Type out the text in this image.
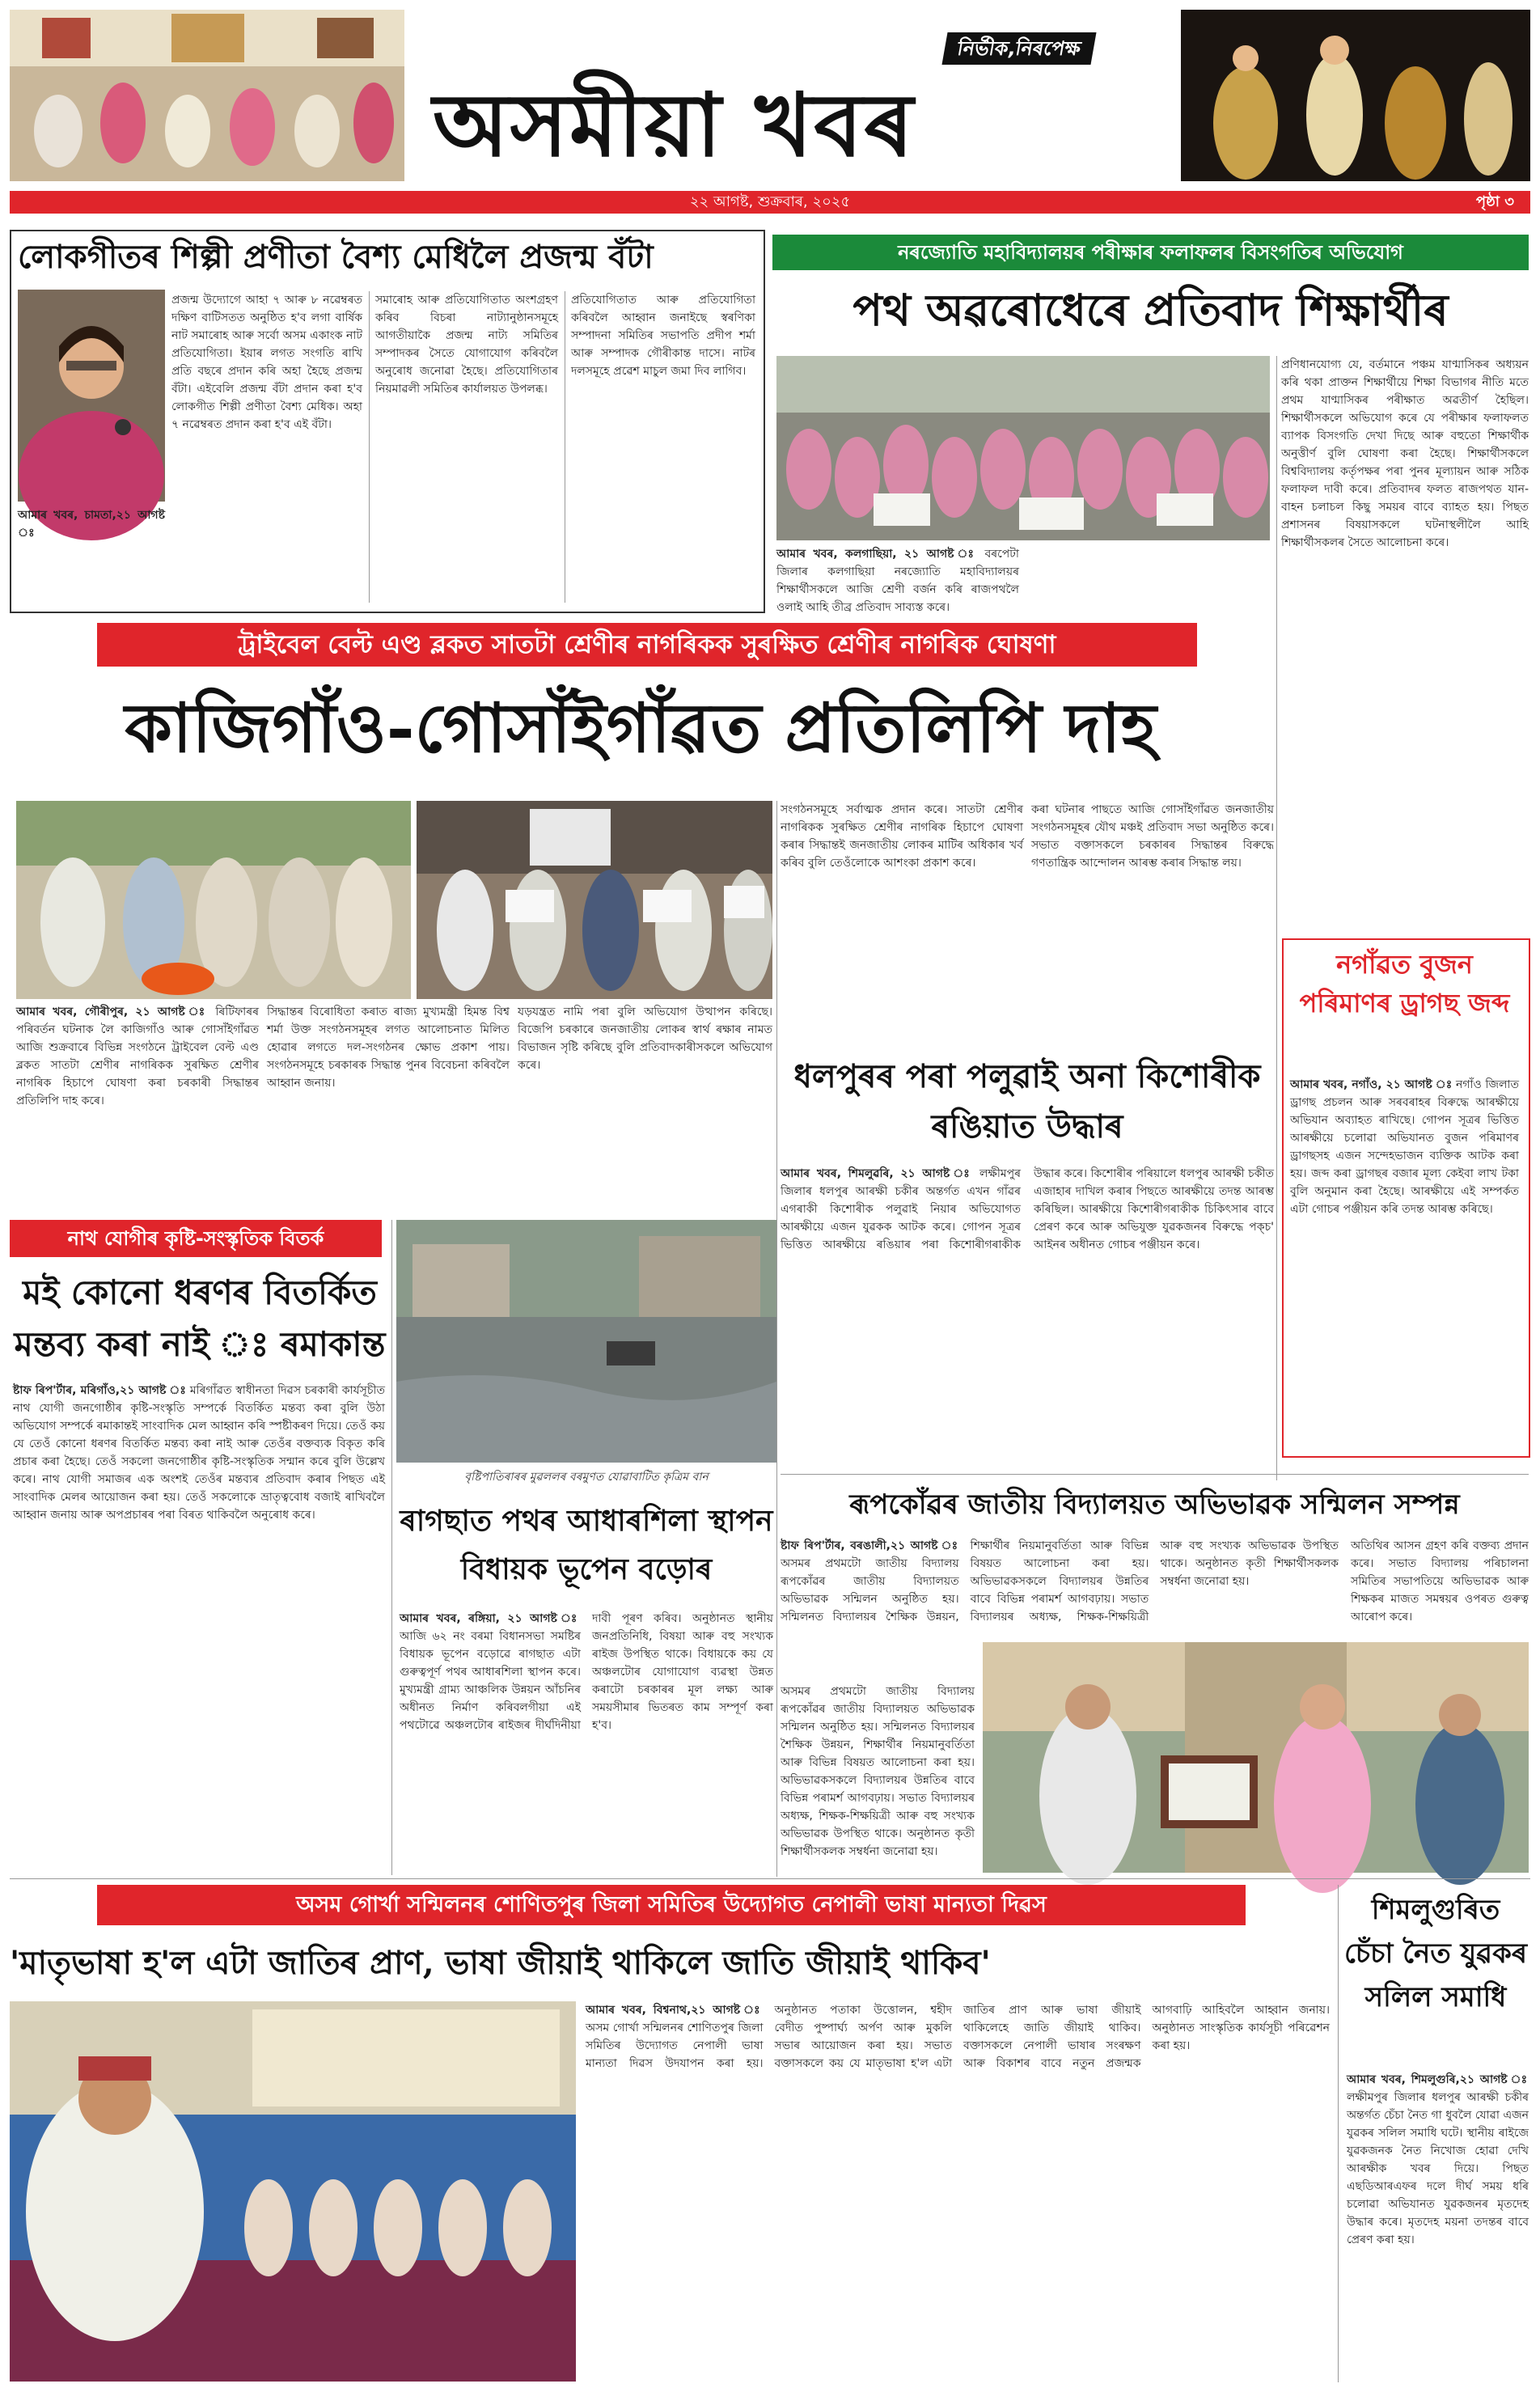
নিৰ্ভীক,নিৰপেক্ষ
অসমীয়া খবৰ
২২ আগষ্ট, শুক্ৰবাৰ, ২০২৫	পৃষ্ঠা ৩
লোকগীতৰ শিল্পী প্ৰণীতা বৈশ্য মেধিলৈ প্ৰজন্ম বঁটা
প্ৰজন্ম উদ্যোগে আহা ৭ আৰু ৮ নৱেম্বৰত দক্ষিণ বাটিসতত অনুষ্ঠিত হ'ব লগা বাৰ্ষিক নাট সমাৰোহ আৰু সৰ্বো অসম একাংক নাট প্ৰতিযোগিতা। ইয়াৰ লগত সংগতি ৰাখি প্ৰতি বছৰে প্ৰদান কৰি অহা হৈছে প্ৰজন্ম বঁটা। এইবেলি প্ৰজন্ম বঁটা প্ৰদান কৰা হ'ব লোকগীত শিল্পী প্ৰণীতা বৈশ্য মেধিক। অহা ৭ নৱেম্বৰত প্ৰদান কৰা হ'ব এই বঁটা।
আমাৰ খবৰ, চামতা,২১ আগষ্ট ঃ
সমাৰোহ আৰু প্ৰতিযোগিতাত অংশগ্ৰহণ কৰিব বিচৰা নাট্যানুষ্ঠানসমূহে আগতীয়াকৈ প্ৰজন্ম নাট্য সমিতিৰ সম্পাদকৰ সৈতে যোগাযোগ কৰিবলৈ অনুৰোধ জনোৱা হৈছে। প্ৰতিযোগিতাৰ নিয়মাৱলী সমিতিৰ কাৰ্যালয়ত উপলব্ধ।
প্ৰতিযোগিতাত আৰু প্ৰতিযোগিতা কৰিবলৈ আহ্বান জনাইছে স্বৰণিকা সম্পাদনা সমিতিৰ সভাপতি প্ৰদীপ শৰ্মা আৰু সম্পাদক গৌৰীকান্ত দাসে। নাটৰ দলসমূহে প্ৰৱেশ মাচুল জমা দিব লাগিব।
নৰজ্যোতি মহাবিদ্যালয়ৰ পৰীক্ষাৰ ফলাফলৰ বিসংগতিৰ অভিযোগ
পথ অৱৰোধেৰে প্ৰতিবাদ শিক্ষাৰ্থীৰ
আমাৰ খবৰ, কলগাছিয়া, ২১ আগষ্ট ঃ বৰপেটা জিলাৰ কলগাছিয়া নৰজ্যোতি মহাবিদ্যালয়ৰ শিক্ষাৰ্থীসকলে আজি শ্ৰেণী বৰ্জন কৰি ৰাজপথলৈ ওলাই আহি তীব্ৰ প্ৰতিবাদ সাব্যস্ত কৰে।
প্ৰণিধানযোগ্য যে, বৰ্তমানে পঞ্চম যাণ্মাসিকৰ অধ্যয়ন কৰি থকা প্ৰাক্তন শিক্ষাৰ্থীয়ে শিক্ষা বিভাগৰ নীতি মতে প্ৰথম যাণ্মাসিকৰ পৰীক্ষাত অৱতীৰ্ণ হৈছিল। শিক্ষাৰ্থীসকলে অভিযোগ কৰে যে পৰীক্ষাৰ ফলাফলত ব্যাপক বিসংগতি দেখা দিছে আৰু বহুতো শিক্ষাৰ্থীক অনুত্তীৰ্ণ বুলি ঘোষণা কৰা হৈছে। শিক্ষাৰ্থীসকলে বিশ্ববিদ্যালয় কৰ্তৃপক্ষৰ পৰা পুনৰ মূল্যায়ন আৰু সঠিক ফলাফল দাবী কৰে। প্ৰতিবাদৰ ফলত ৰাজপথত যান-বাহন চলাচল কিছু সময়ৰ বাবে ব্যাহত হয়। পিছত প্ৰশাসনৰ বিষয়াসকলে ঘটনাস্থলীলৈ আহি শিক্ষাৰ্থীসকলৰ সৈতে আলোচনা কৰে।
ট্ৰাইবেল বেল্ট এণ্ড ব্লকত সাতটা শ্ৰেণীৰ নাগৰিকক সুৰক্ষিত শ্ৰেণীৰ নাগৰিক ঘোষণা
কাজিগাঁও-গোসাঁইগাঁৱত প্ৰতিলিপি দাহ
আমাৰ খবৰ, গৌৰীপুৰ, ২১ আগষ্ট ঃ ৰিটিফাৰৰ পৰিবৰ্তন ঘটনাক লৈ কাজিগাঁও আৰু গোসাঁইগাঁৱত আজি শুক্ৰবাৰে বিভিন্ন সংগঠনে ট্ৰাইবেল বেল্ট এণ্ড ব্লকত সাতটা শ্ৰেণীৰ নাগৰিকক সুৰক্ষিত শ্ৰেণীৰ নাগৰিক হিচাপে ঘোষণা কৰা চৰকাৰী সিদ্ধান্তৰ প্ৰতিলিপি দাহ কৰে।
সিদ্ধান্তৰ বিৰোধিতা কৰাত ৰাজ্য মুখ্যমন্ত্ৰী হিমন্ত বিশ্ব শৰ্মা উক্ত সংগঠনসমূহৰ লগত আলোচনাত মিলিত হোৱাৰ লগতে দল-সংগঠনৰ ক্ষোভ প্ৰকাশ পায়। সংগঠনসমূহে চৰকাৰক সিদ্ধান্ত পুনৰ বিবেচনা কৰিবলৈ আহ্বান জনায়।
যড়যন্ত্ৰত নামি পৰা বুলি অভিযোগ উত্থাপন কৰিছে। বিজেপি চৰকাৰে জনজাতীয় লোকৰ স্বাৰ্থ ৰক্ষাৰ নামত বিভাজন সৃষ্টি কৰিছে বুলি প্ৰতিবাদকাৰীসকলে অভিযোগ কৰে।
সংগঠনসমূহে সৰ্বাত্মক প্ৰদান কৰে। সাতটা শ্ৰেণীৰ নাগৰিকক সুৰক্ষিত শ্ৰেণীৰ নাগৰিক হিচাপে ঘোষণা কৰাৰ সিদ্ধান্তই জনজাতীয় লোকৰ মাটিৰ অধিকাৰ খৰ্ব কৰিব বুলি তেওঁলোকে আশংকা প্ৰকাশ কৰে।
কৰা ঘটনাৰ পাছতে আজি গোসাঁইগাঁৱত জনজাতীয় সংগঠনসমূহৰ যৌথ মঞ্চই প্ৰতিবাদ সভা অনুষ্ঠিত কৰে। সভাত বক্তাসকলে চৰকাৰৰ সিদ্ধান্তৰ বিৰুদ্ধে গণতান্ত্ৰিক আন্দোলন আৰম্ভ কৰাৰ সিদ্ধান্ত লয়।
নগাঁৱত বুজন পৰিমাণৰ ড্ৰাগছ জব্দ
আমাৰ খবৰ, নগাঁও, ২১ আগষ্ট ঃ নগাঁও জিলাত ড্ৰাগছ প্ৰচলন আৰু সৰবৰাহৰ বিৰুদ্ধে আৰক্ষীয়ে অভিযান অব্যাহত ৰাখিছে। গোপন সূত্ৰৰ ভিত্তিত আৰক্ষীয়ে চলোৱা অভিযানত বুজন পৰিমাণৰ ড্ৰাগছসহ এজন সন্দেহভাজন ব্যক্তিক আটক কৰা হয়। জব্দ কৰা ড্ৰাগছৰ বজাৰ মূল্য কেইবা লাখ টকা বুলি অনুমান কৰা হৈছে। আৰক্ষীয়ে এই সম্পৰ্কত এটা গোচৰ পঞ্জীয়ন কৰি তদন্ত আৰম্ভ কৰিছে।
ধলপুৰৰ পৰা পলুৱাই অনা কিশোৰীক ৰঙিয়াত উদ্ধাৰ
আমাৰ খবৰ, শিমলুৱৰি, ২১ আগষ্ট ঃ লক্ষীমপুৰ জিলাৰ ধলপুৰ আৰক্ষী চকীৰ অন্তৰ্গত এখন গাঁৱৰ এগৰাকী কিশোৰীক পলুৱাই নিয়াৰ অভিযোগত আৰক্ষীয়ে এজন যুৱকক আটক কৰে। গোপন সূত্ৰৰ ভিত্তিত আৰক্ষীয়ে ৰঙিয়াৰ পৰা কিশোৰীগৰাকীক উদ্ধাৰ কৰে। কিশোৰীৰ পৰিয়ালে ধলপুৰ আৰক্ষী চকীত এজাহাৰ দাখিল কৰাৰ পিছতে আৰক্ষীয়ে তদন্ত আৰম্ভ কৰিছিল। আৰক্ষীয়ে কিশোৰীগৰাকীক চিকিৎসাৰ বাবে প্ৰেৰণ কৰে আৰু অভিযুক্ত যুৱকজনৰ বিৰুদ্ধে পক্‌চ' আইনৰ অধীনত গোচৰ পঞ্জীয়ন কৰে।
নাথ যোগীৰ কৃষ্টি-সংস্কৃতিক বিতৰ্ক
মই কোনো ধৰণৰ বিতৰ্কিত মন্তব্য কৰা নাই ঃ ৰমাকান্ত
ষ্টাফ ৰিপ'ৰ্টাৰ, মৰিগাঁও,২১ আগষ্ট ঃ মৰিগাঁৱত স্বাধীনতা দিৱস চৰকাৰী কাৰ্যসূচীত নাথ যোগী জনগোষ্ঠীৰ কৃষ্টি-সংস্কৃতি সম্পৰ্কে বিতৰ্কিত মন্তব্য কৰা বুলি উঠা অভিযোগ সম্পৰ্কে ৰমাকান্তই সাংবাদিক মেল আহ্বান কৰি স্পষ্টীকৰণ দিয়ে। তেওঁ কয় যে তেওঁ কোনো ধৰণৰ বিতৰ্কিত মন্তব্য কৰা নাই আৰু তেওঁৰ বক্তব্যক বিকৃত কৰি প্ৰচাৰ কৰা হৈছে। তেওঁ সকলো জনগোষ্ঠীৰ কৃষ্টি-সংস্কৃতিক সন্মান কৰে বুলি উল্লেখ কৰে। নাথ যোগী সমাজৰ এক অংশই তেওঁৰ মন্তব্যৰ প্ৰতিবাদ কৰাৰ পিছত এই সাংবাদিক মেলৰ আয়োজন কৰা হয়। তেওঁ সকলোকে ভ্ৰাতৃত্ববোধ বজাই ৰাখিবলৈ আহ্বান জনায় আৰু অপপ্ৰচাৰৰ পৰা বিৰত থাকিবলৈ অনুৰোধ কৰে।
বৃষ্টিপাতিৰাৰৰ মুৱললৰ বৰমুণত যোৱাবাটিত কৃত্ৰিম বান
ৰাগছাত পথৰ আধাৰশিলা স্থাপন বিধায়ক ভূপেন বড়োৰ
আমাৰ খবৰ, ৰঙ্গিয়া, ২১ আগষ্ট ঃ আজি ৬২ নং বৰমা বিধানসভা সমষ্টিৰ বিধায়ক ভূপেন বড়োৱে ৰাগছাত এটা গুৰুত্বপূৰ্ণ পথৰ আধাৰশিলা স্থাপন কৰে। মুখ্যমন্ত্ৰী গ্ৰাম্য আঞ্চলিক উন্নয়ন আঁচনিৰ অধীনত নিৰ্মাণ কৰিবলগীয়া এই পথটোৱে অঞ্চলটোৰ ৰাইজৰ দীৰ্ঘদিনীয়া দাবী পূৰণ কৰিব। অনুষ্ঠানত স্থানীয় জনপ্ৰতিনিধি, বিষয়া আৰু বহু সংখ্যক ৰাইজ উপস্থিত থাকে। বিধায়কে কয় যে অঞ্চলটোৰ যোগাযোগ ব্যৱস্থা উন্নত কৰাটো চৰকাৰৰ মূল লক্ষ্য আৰু সময়সীমাৰ ভিতৰত কাম সম্পূৰ্ণ কৰা হ'ব।
ৰূপকোঁৱৰ জাতীয় বিদ্যালয়ত অভিভাৱক সন্মিলন সম্পন্ন
ষ্টাফ ৰিপ'ৰ্টাৰ, বৰঙালী,২১ আগষ্ট ঃ অসমৰ প্ৰথমটো জাতীয় বিদ্যালয় ৰূপকোঁৱৰ জাতীয় বিদ্যালয়ত অভিভাৱক সন্মিলন অনুষ্ঠিত হয়। সন্মিলনত বিদ্যালয়ৰ শৈক্ষিক উন্নয়ন, শিক্ষাৰ্থীৰ নিয়মানুবৰ্তিতা আৰু বিভিন্ন বিষয়ত আলোচনা কৰা হয়। অভিভাৱকসকলে বিদ্যালয়ৰ উন্নতিৰ বাবে বিভিন্ন পৰামৰ্শ আগবঢ়ায়। সভাত বিদ্যালয়ৰ অধ্যক্ষ, শিক্ষক-শিক্ষয়িত্ৰী আৰু বহু সংখ্যক অভিভাৱক উপস্থিত থাকে। অনুষ্ঠানত কৃতী শিক্ষাৰ্থীসকলক সম্বৰ্ধনা জনোৱা হয়।
অতিথিৰ আসন গ্ৰহণ কৰি বক্তব্য প্ৰদান কৰে। সভাত বিদ্যালয় পৰিচালনা সমিতিৰ সভাপতিয়ে অভিভাৱক আৰু শিক্ষকৰ মাজত সমন্বয়ৰ ওপৰত গুৰুত্ব আৰোপ কৰে।
অসমৰ প্ৰথমটো জাতীয় বিদ্যালয় ৰূপকোঁৱৰ জাতীয় বিদ্যালয়ত অভিভাৱক সন্মিলন অনুষ্ঠিত হয়। সন্মিলনত বিদ্যালয়ৰ শৈক্ষিক উন্নয়ন, শিক্ষাৰ্থীৰ নিয়মানুবৰ্তিতা আৰু বিভিন্ন বিষয়ত আলোচনা কৰা হয়। অভিভাৱকসকলে বিদ্যালয়ৰ উন্নতিৰ বাবে বিভিন্ন পৰামৰ্শ আগবঢ়ায়। সভাত বিদ্যালয়ৰ অধ্যক্ষ, শিক্ষক-শিক্ষয়িত্ৰী আৰু বহু সংখ্যক অভিভাৱক উপস্থিত থাকে। অনুষ্ঠানত কৃতী শিক্ষাৰ্থীসকলক সম্বৰ্ধনা জনোৱা হয়।
অসম গোৰ্খা সন্মিলনৰ শোণিতপুৰ জিলা সমিতিৰ উদ্যোগত নেপালী ভাষা মান্যতা দিৱস
'মাতৃভাষা হ'ল এটা জাতিৰ প্ৰাণ, ভাষা জীয়াই থাকিলে জাতি জীয়াই থাকিব'
আমাৰ খবৰ, বিশ্বনাথ,২১ আগষ্ট ঃ অসম গোৰ্খা সন্মিলনৰ শোণিতপুৰ জিলা সমিতিৰ উদ্যোগত নেপালী ভাষা মান্যতা দিৱস উদযাপন কৰা হয়। অনুষ্ঠানত পতাকা উত্তোলন, শ্বহীদ বেদীত পুষ্পাৰ্ঘ্য অৰ্পণ আৰু মুকলি সভাৰ আয়োজন কৰা হয়। সভাত বক্তাসকলে কয় যে মাতৃভাষা হ'ল এটা জাতিৰ প্ৰাণ আৰু ভাষা জীয়াই থাকিলেহে জাতি জীয়াই থাকিব। বক্তাসকলে নেপালী ভাষাৰ সংৰক্ষণ আৰু বিকাশৰ বাবে নতুন প্ৰজন্মক আগবাঢ়ি আহিবলৈ আহ্বান জনায়। অনুষ্ঠানত সাংস্কৃতিক কাৰ্যসূচী পৰিৱেশন কৰা হয়।
শিমলুগুৰিত চেঁচা নৈত যুৱকৰ সলিল সমাধি
আমাৰ খবৰ, শিমলুগুৰি,২১ আগষ্ট ঃ লক্ষীমপুৰ জিলাৰ ধলপুৰ আৰক্ষী চকীৰ অন্তৰ্গত চেঁচা নৈত গা ধুবলৈ যোৱা এজন যুৱকৰ সলিল সমাধি ঘটে। স্থানীয় ৰাইজে যুৱকজনক নৈত নিখোজ হোৱা দেখি আৰক্ষীক খবৰ দিয়ে। পিছত এছডিআৰএফৰ দলে দীৰ্ঘ সময় ধৰি চলোৱা অভিযানত যুৱকজনৰ মৃতদেহ উদ্ধাৰ কৰে। মৃতদেহ ময়না তদন্তৰ বাবে প্ৰেৰণ কৰা হয়।
